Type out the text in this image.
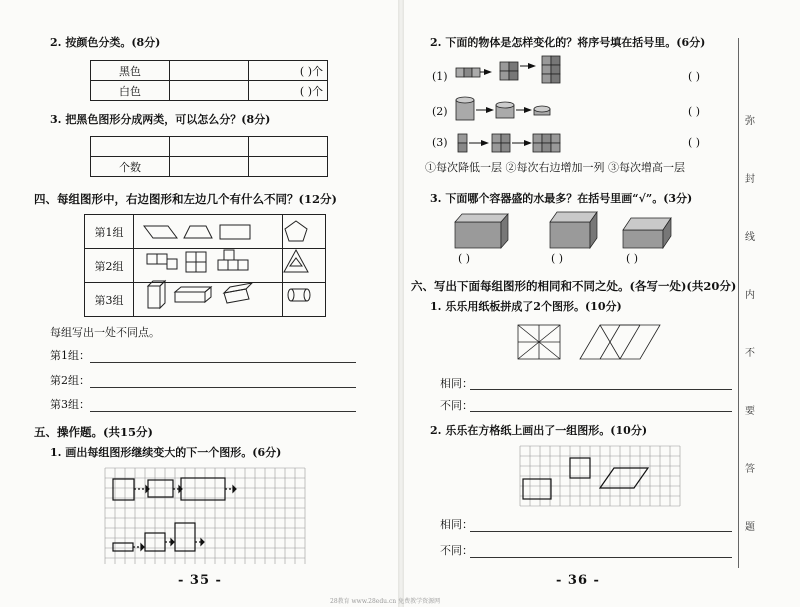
2. 按颜色分类。(8分)
黑色		( )个
白色		( )个
3. 把黑色图形分成两类，可以怎么分？(8分)

个数		
四、每组图形中，右边图形和左边几个有什么不同？(12分)
第1组		
第2组		
第3组		
每组写出一处不同点。
第1组：
第2组：
第3组：
五、操作题。(共15分)
1. 画出每组图形继续变大的下一个图形。(6分)
- 35 -
2. 下面的物体是怎样变化的？将序号填在括号里。(6分)
(1)
(2)
(3)
( )
( )
( )
①每次降低一层 ②每次右边增加一列 ③每次增高一层
3. 下面哪个容器盛的水最多？在括号里画“√”。(3分)
( )	( )	( )
六、写出下面每组图形的相同和不同之处。(各写一处)(共20分)
1. 乐乐用纸板拼成了2个图形。(10分)
相同：
不同：
2. 乐乐在方格纸上画出了一组图形。(10分)
相同：
不同：
- 36 -
弥
封
线
内
不
要
答
题
28教育 www.28edu.cn 免费教学资源网
